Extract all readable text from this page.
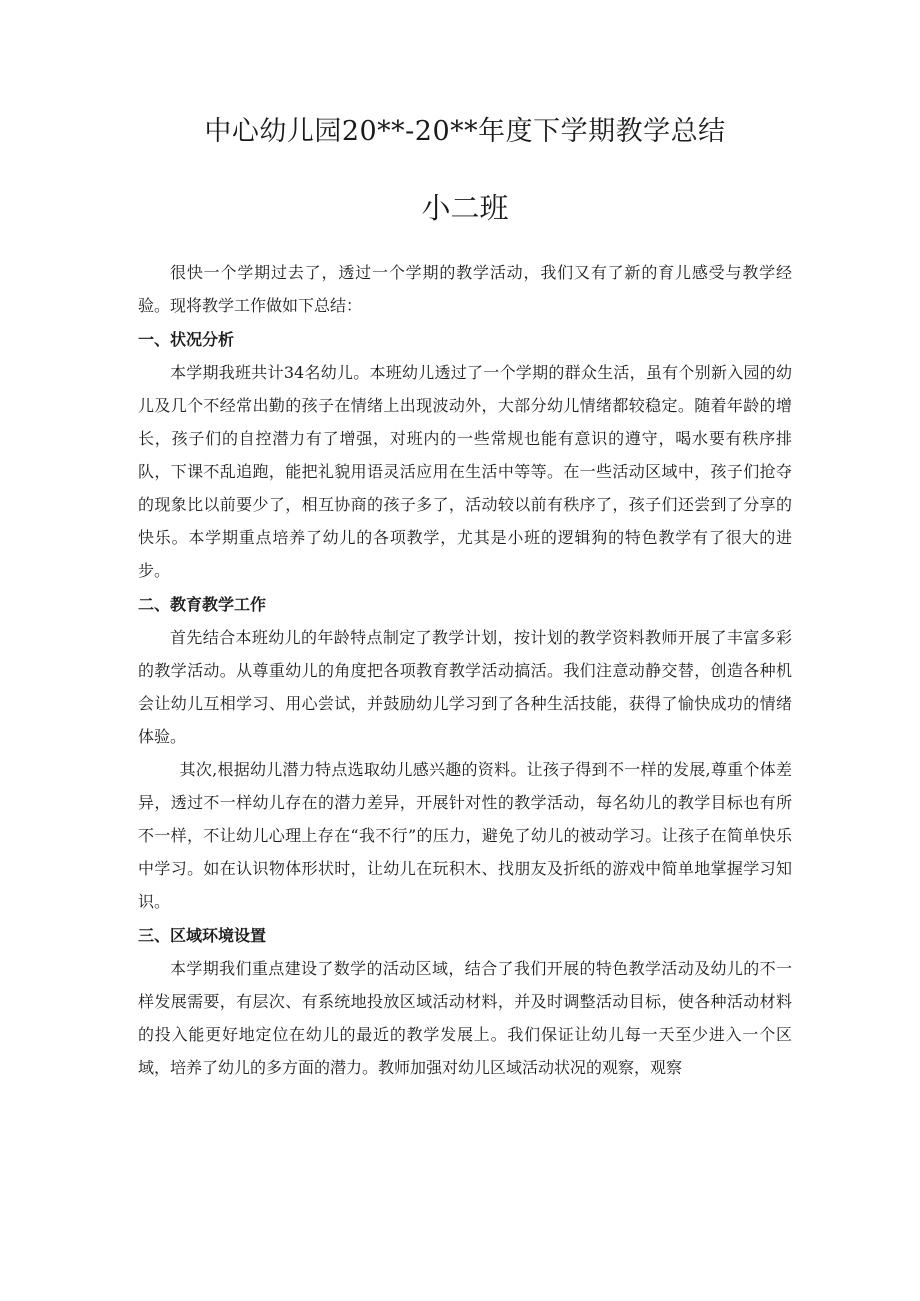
中心幼儿园20**-20**年度下学期教学总结
小二班

很快一个学期过去了，透过一个学期的教学活动，我们又有了新的育儿感受与教学经验。现将教学工作做如下总结：

一、状况分析

本学期我班共计34名幼儿。本班幼儿透过了一个学期的群众生活，虽有个别新入园的幼儿及几个不经常出勤的孩子在情绪上出现波动外，大部分幼儿情绪都较稳定。随着年龄的增长，孩子们的自控潜力有了增强，对班内的一些常规也能有意识的遵守，喝水要有秩序排队，下课不乱追跑，能把礼貌用语灵活应用在生活中等等。在一些活动区域中，孩子们抢夺的现象比以前要少了，相互协商的孩子多了，活动较以前有秩序了，孩子们还尝到了分享的快乐。本学期重点培养了幼儿的各项教学，尤其是小班的逻辑狗的特色教学有了很大的进步。

二、教育教学工作

首先结合本班幼儿的年龄特点制定了教学计划，按计划的教学资料教师开展了丰富多彩的教学活动。从尊重幼儿的角度把各项教育教学活动搞活。我们注意动静交替，创造各种机会让幼儿互相学习、用心尝试，并鼓励幼儿学习到了各种生活技能，获得了愉快成功的情绪体验。

其次,根据幼儿潜力特点选取幼儿感兴趣的资料。让孩子得到不一样的发展,尊重个体差异，透过不一样幼儿存在的潜力差异，开展针对性的教学活动，每名幼儿的教学目标也有所不一样，不让幼儿心理上存在“我不行”的压力，避免了幼儿的被动学习。让孩子在简单快乐中学习。如在认识物体形状时，让幼儿在玩积木、找朋友及折纸的游戏中简单地掌握学习知识。

三、区域环境设置

本学期我们重点建设了数学的活动区域，结合了我们开展的特色教学活动及幼儿的不一样发展需要，有层次、有系统地投放区域活动材料，并及时调整活动目标，使各种活动材料的投入能更好地定位在幼儿的最近的教学发展上。我们保证让幼儿每一天至少进入一个区域，培养了幼儿的多方面的潜力。教师加强对幼儿区域活动状况的观察，观察
